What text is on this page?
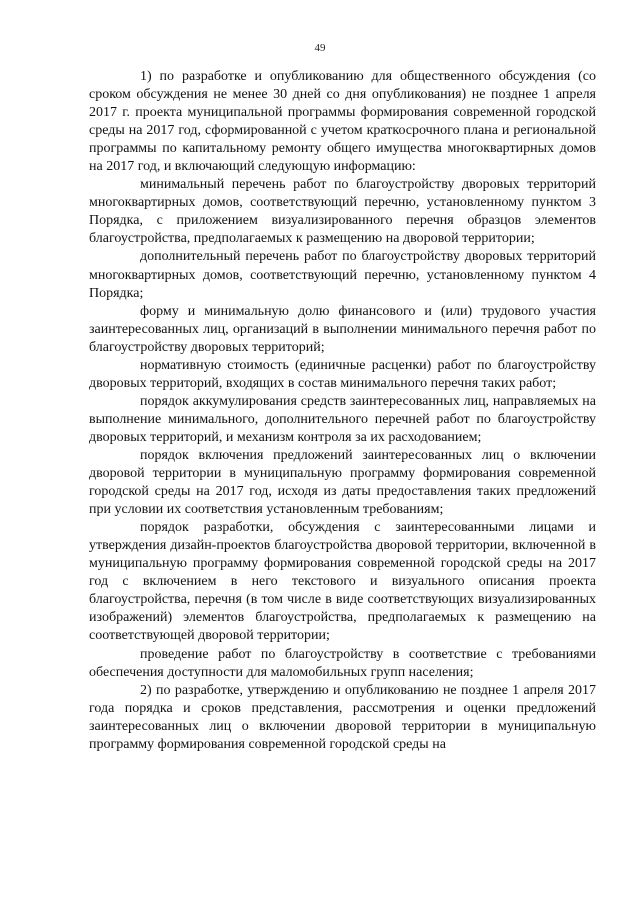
49

1) по разработке и опубликованию для общественного обсуждения (со сроком обсуждения не менее 30 дней со дня опубликования) не позднее 1 апреля 2017 г. проекта муниципальной программы формирования современной городской среды на 2017 год, сформированной с учетом краткосрочного плана и региональной программы по капитальному ремонту общего имущества многоквартирных домов на 2017 год, и включающий следующую информацию:

минимальный перечень работ по благоустройству дворовых территорий многоквартирных домов, соответствующий перечню, установленному пунктом 3 Порядка, с приложением визуализированного перечня образцов элементов благоустройства, предполагаемых к размещению на дворовой территории;

дополнительный перечень работ по благоустройству дворовых территорий многоквартирных домов, соответствующий перечню, установленному пунктом 4 Порядка;

форму и минимальную долю финансового и (или) трудового участия заинтересованных лиц, организаций в выполнении минимального перечня работ по благоустройству дворовых территорий;

нормативную стоимость (единичные расценки) работ по благоустройству дворовых территорий, входящих в состав минимального перечня таких работ;

порядок аккумулирования средств заинтересованных лиц, направляемых на выполнение минимального, дополнительного перечней работ по благоустройству дворовых территорий, и механизм контроля за их расходованием;

порядок включения предложений заинтересованных лиц о включении дворовой территории в муниципальную программу формирования современной городской среды на 2017 год, исходя из даты предоставления таких предложений при условии их соответствия установленным требованиям;

порядок разработки, обсуждения с заинтересованными лицами и утверждения дизайн-проектов благоустройства дворовой территории, включенной в муниципальную программу формирования современной городской среды на 2017 год с включением в него текстового и визуального описания проекта благоустройства, перечня (в том числе в виде соответствующих визуализированных изображений) элементов благоустройства, предполагаемых к размещению на соответствующей дворовой территории;

проведение работ по благоустройству в соответствие с требованиями обеспечения доступности для маломобильных групп населения;

2) по разработке, утверждению и опубликованию не позднее 1 апреля 2017 года порядка и сроков представления, рассмотрения и оценки предложений заинтересованных лиц о включении дворовой территории в муниципальную программу формирования современной городской среды на
